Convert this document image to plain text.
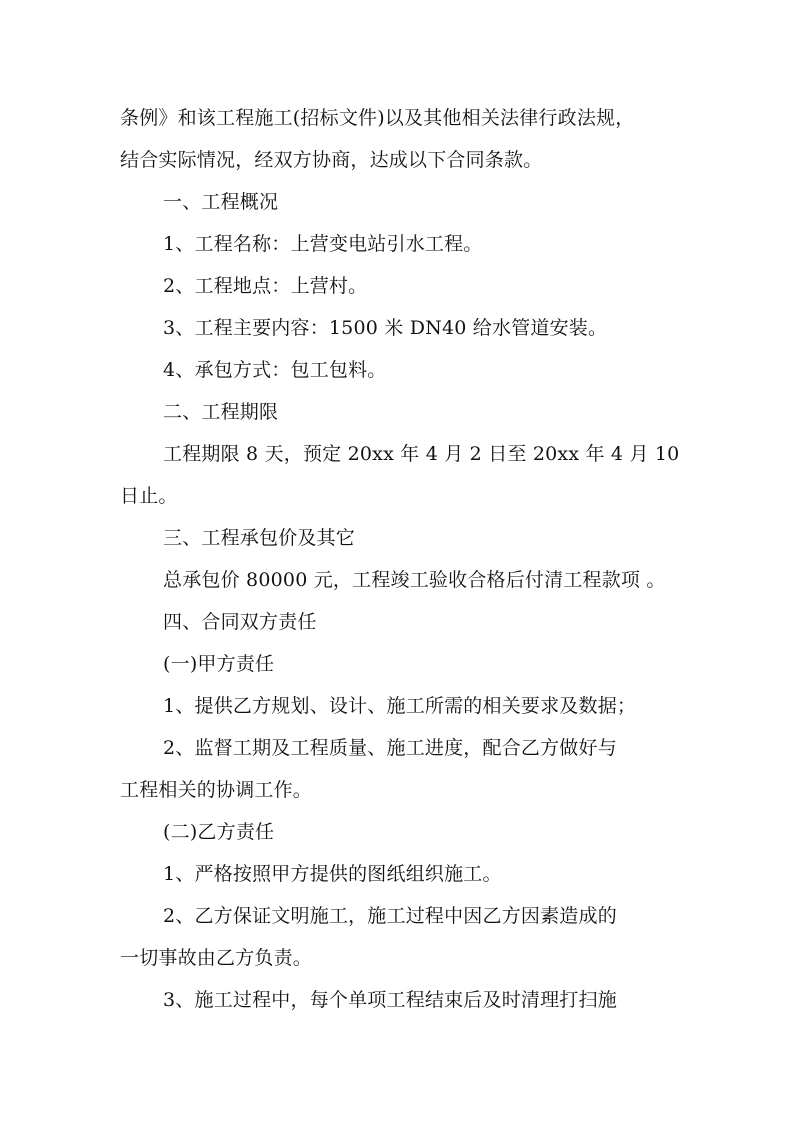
条例》和该工程施工(招标文件)以及其他相关法律行政法规，
结合实际情况，经双方协商，达成以下合同条款。
一、工程概况
1、工程名称：上营变电站引水工程。
2、工程地点：上营村。
3、工程主要内容：1500 米 DN40 给水管道安装。
4、承包方式：包工包料。
二、工程期限
工程期限 8 天，预定 20xx 年 4 月 2 日至 20xx 年 4 月 10
日止。
三、工程承包价及其它
总承包价 80000 元，工程竣工验收合格后付清工程款项 。
四、合同双方责任
(一)甲方责任
1、提供乙方规划、设计、施工所需的相关要求及数据；
2、监督工期及工程质量、施工进度，配合乙方做好与
工程相关的协调工作。
(二)乙方责任
1、严格按照甲方提供的图纸组织施工。
2、乙方保证文明施工，施工过程中因乙方因素造成的
一切事故由乙方负责。
3、施工过程中，每个单项工程结束后及时清理打扫施
